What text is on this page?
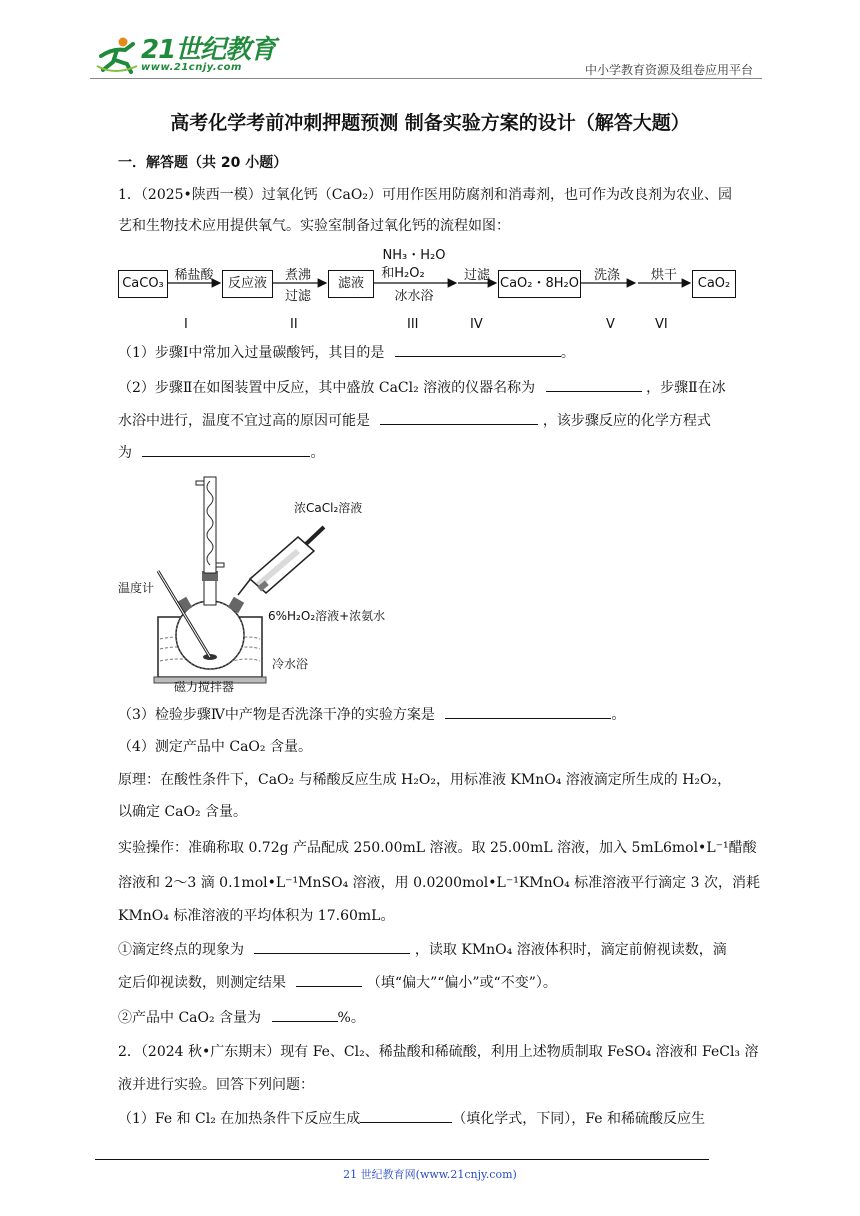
21世纪教育
www.21cnjy.com	中小学教育资源及组卷应用平台
高考化学考前冲刺押题预测 制备实验方案的设计（解答大题）
一．解答题（共 20 小题）
1．（2025•陕西一模）过氧化钙（CaO₂）可用作医用防腐剂和消毒剂，也可作为改良剂为农业、园
艺和生物技术应用提供氧气。实验室制备过氧化钙的流程如图：
CaCO₃	反应液	滤液	CaO₂・8H₂O	CaO₂
稀盐酸	煮沸
过滤
NH₃・H₂O
和H₂O₂
冰水浴
过滤	洗涤	烘干
I	II	III	IV	V	VI
（1）步骤Ⅰ中常加入过量碳酸钙，其目的是	。
（2）步骤Ⅱ在如图装置中反应，其中盛放 CaCl₂ 溶液的仪器名称为	，步骤Ⅱ在冰
水浴中进行，温度不宜过高的原因可能是	，该步骤反应的化学方程式
为	。
浓CaCl₂溶液
温度计
6%H₂O₂溶液+浓氨水
冷水浴
磁力搅拌器
（3）检验步骤Ⅳ中产物是否洗涤干净的实验方案是	。
（4）测定产品中 CaO₂ 含量。
原理：在酸性条件下，CaO₂ 与稀酸反应生成 H₂O₂，用标准液 KMnO₄ 溶液滴定所生成的 H₂O₂，
以确定 CaO₂ 含量。
实验操作：准确称取 0.72g 产品配成 250.00mL 溶液。取 25.00mL 溶液，加入 5mL6mol•L⁻¹醋酸
溶液和 2～3 滴 0.1mol•L⁻¹MnSO₄ 溶液，用 0.0200mol•L⁻¹KMnO₄ 标准溶液平行滴定 3 次，消耗
KMnO₄ 标准溶液的平均体积为 17.60mL。
①滴定终点的现象为	，读取 KMnO₄ 溶液体积时，滴定前俯视读数，滴
定后仰视读数，则测定结果	（填“偏大”“偏小”或“不变”）。
②产品中 CaO₂ 含量为	%。
2．（2024 秋•广东期末）现有 Fe、Cl₂、稀盐酸和稀硫酸，利用上述物质制取 FeSO₄ 溶液和 FeCl₃ 溶
液并进行实验。回答下列问题：
（1）Fe 和 Cl₂ 在加热条件下反应生成	（填化学式，下同），Fe 和稀硫酸反应生
21 世纪教育网(www.21cnjy.com)
